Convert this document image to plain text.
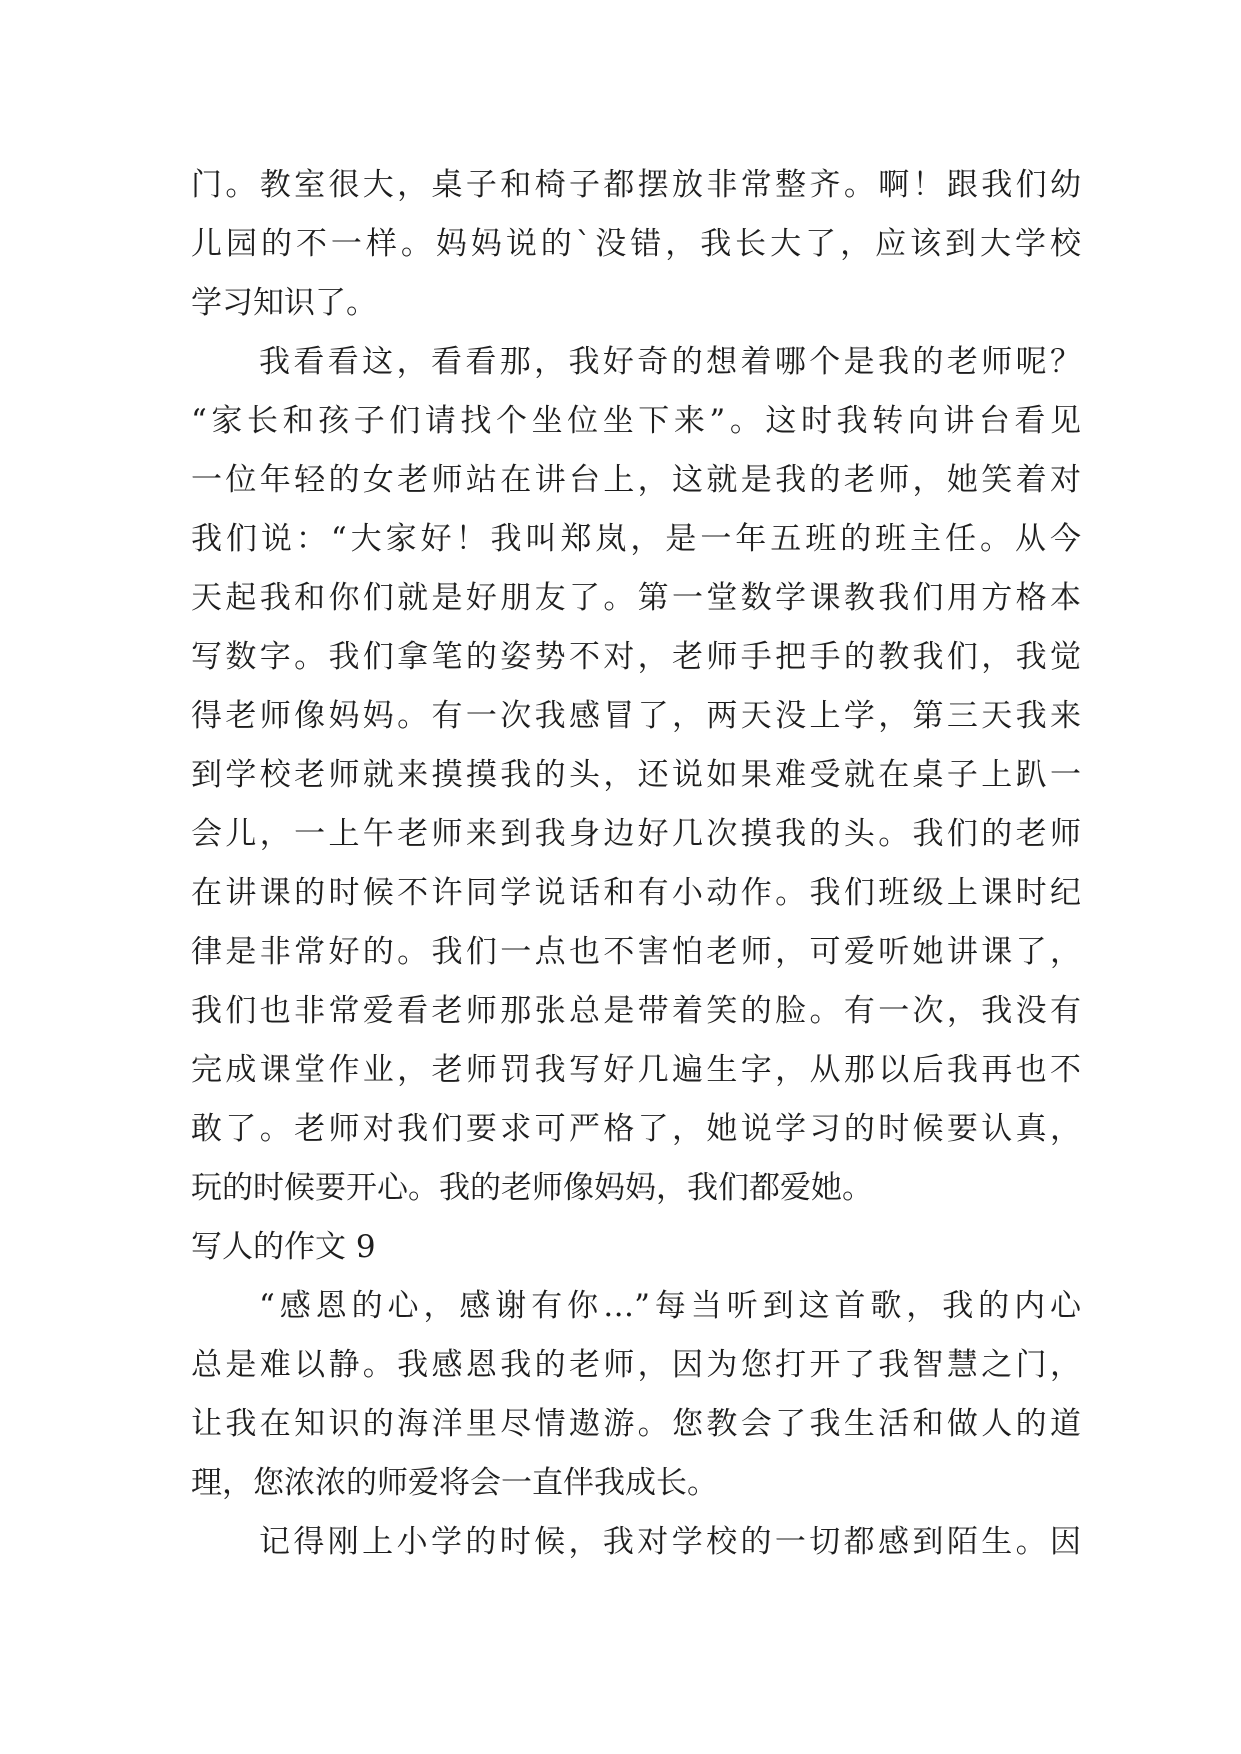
门。教室很大，桌子和椅子都摆放非常整齐。啊！跟我们幼
儿园的不一样。妈妈说的`没错，我长大了，应该到大学校
学习知识了。
我看看这，看看那，我好奇的想着哪个是我的老师呢？
“家长和孩子们请找个坐位坐下来”。这时我转向讲台看见
一位年轻的女老师站在讲台上，这就是我的老师，她笑着对
我们说：“大家好！我叫郑岚，是一年五班的班主任。从今
天起我和你们就是好朋友了。第一堂数学课教我们用方格本
写数字。我们拿笔的姿势不对，老师手把手的教我们，我觉
得老师像妈妈。有一次我感冒了，两天没上学，第三天我来
到学校老师就来摸摸我的头，还说如果难受就在桌子上趴一
会儿，一上午老师来到我身边好几次摸我的头。我们的老师
在讲课的时候不许同学说话和有小动作。我们班级上课时纪
律是非常好的。我们一点也不害怕老师，可爱听她讲课了，
我们也非常爱看老师那张总是带着笑的脸。有一次，我没有
完成课堂作业，老师罚我写好几遍生字，从那以后我再也不
敢了。老师对我们要求可严格了，她说学习的时候要认真，
玩的时候要开心。我的老师像妈妈，我们都爱她。
写人的作文 9
“感恩的心，感谢有你…”每当听到这首歌，我的内心
总是难以静。我感恩我的老师，因为您打开了我智慧之门，
让我在知识的海洋里尽情遨游。您教会了我生活和做人的道
理，您浓浓的师爱将会一直伴我成长。
记得刚上小学的时候，我对学校的一切都感到陌生。因
